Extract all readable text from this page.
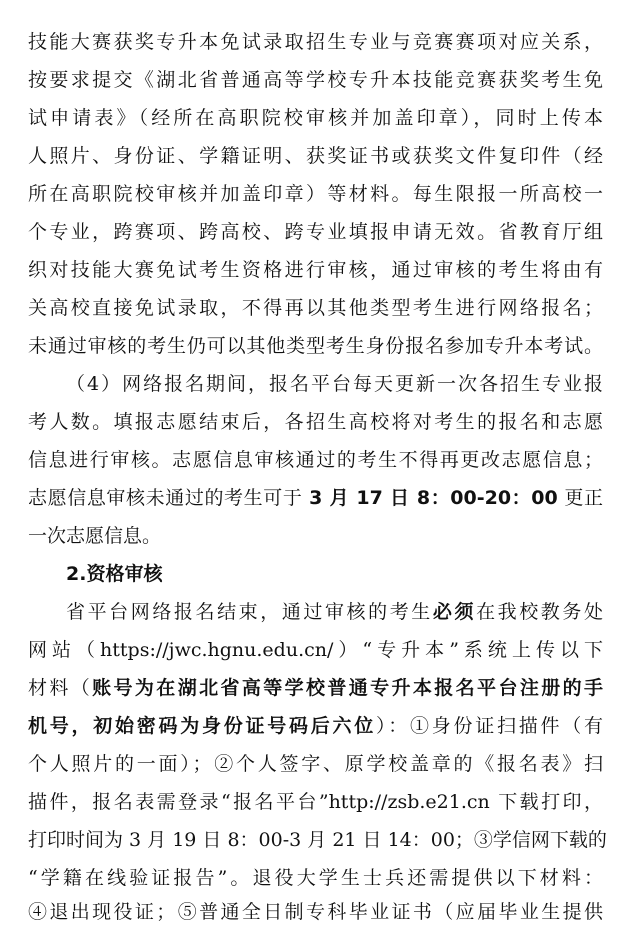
技能大赛获奖专升本免试录取招生专业与竞赛赛项对应关系，
按要求提交《湖北省普通高等学校专升本技能竞赛获奖考生免
试申请表》（经所在高职院校审核并加盖印章），同时上传本
人照片、身份证、学籍证明、获奖证书或获奖文件复印件（经
所在高职院校审核并加盖印章）等材料。每生限报一所高校一
个专业，跨赛项、跨高校、跨专业填报申请无效。省教育厅组
织对技能大赛免试考生资格进行审核，通过审核的考生将由有
关高校直接免试录取，不得再以其他类型考生进行网络报名；
未通过审核的考生仍可以其他类型考生身份报名参加专升本考试。
（4）网络报名期间，报名平台每天更新一次各招生专业报
考人数。填报志愿结束后，各招生高校将对考生的报名和志愿
信息进行审核。志愿信息审核通过的考生不得再更改志愿信息；
志愿信息审核未通过的考生可于 3 月 17 日 8：00-20：00 更正
一次志愿信息。
2.资格审核
省平台网络报名结束，通过审核的考生必须在我校教务处
网站（https://jwc.hgnu.edu.cn/）“专升本”系统上传以下
材料（账号为在湖北省高等学校普通专升本报名平台注册的手
机号，初始密码为身份证号码后六位）：①身份证扫描件（有
个人照片的一面）；②个人签字、原学校盖章的《报名表》扫
描件，报名表需登录“报名平台”http://zsb.e21.cn 下载打印，
打印时间为 3 月 19 日 8：00-3 月 21 日 14：00；③学信网下载的
“学籍在线验证报告”。退役大学生士兵还需提供以下材料：
④退出现役证；⑤普通全日制专科毕业证书（应届毕业生提供
